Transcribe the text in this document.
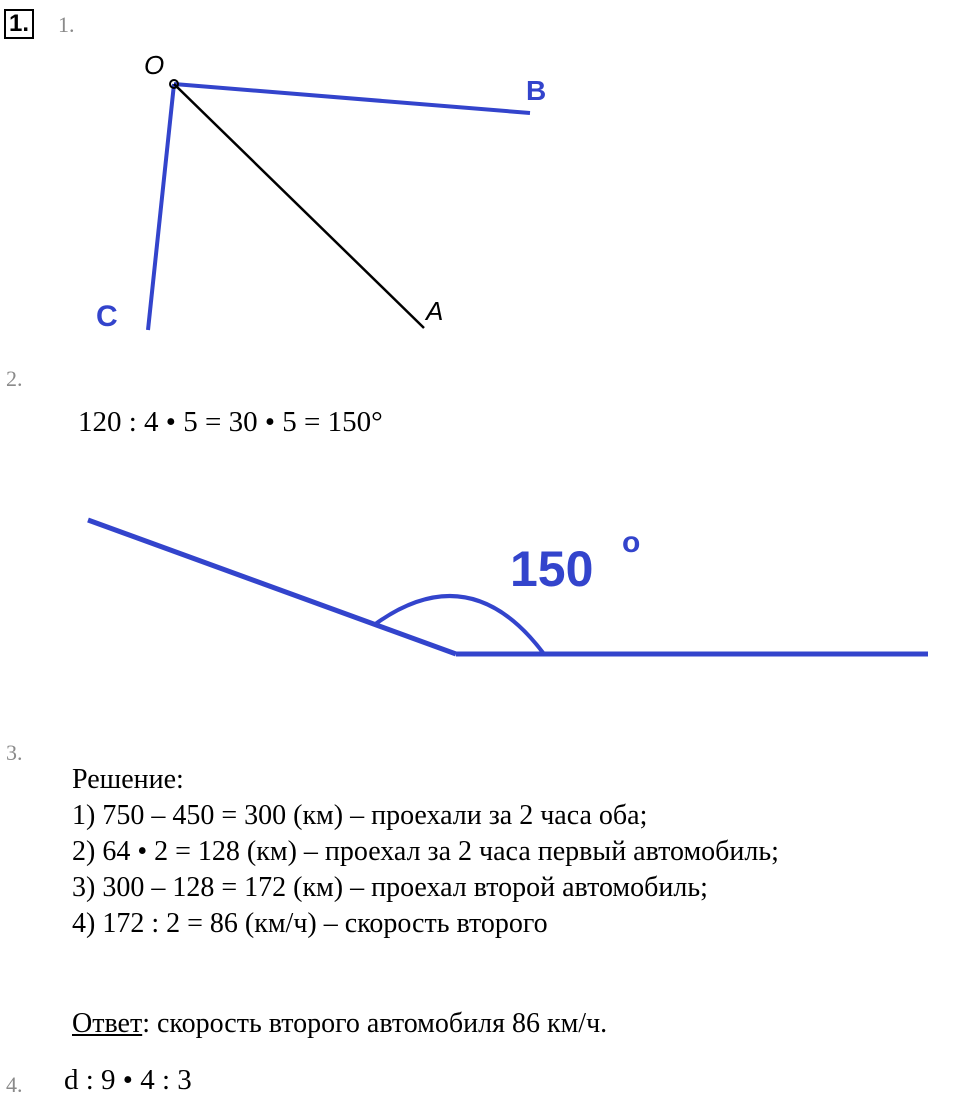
1. 1.
O
B
A
C
2.
120 : 4 • 5 = 30 • 5 = 150°
150 o
3.
Решение:
1) 750 – 450 = 300 (км) – проехали за 2 часа оба;
2) 64 • 2 = 128 (км) – проехал за 2 часа первый автомобиль;
3) 300 – 128 = 172 (км) – проехал второй автомобиль;
4) 172 : 2 = 86 (км/ч) – скорость второго
Ответ: скорость второго автомобиля 86 км/ч.
4. d : 9 • 4 : 3
